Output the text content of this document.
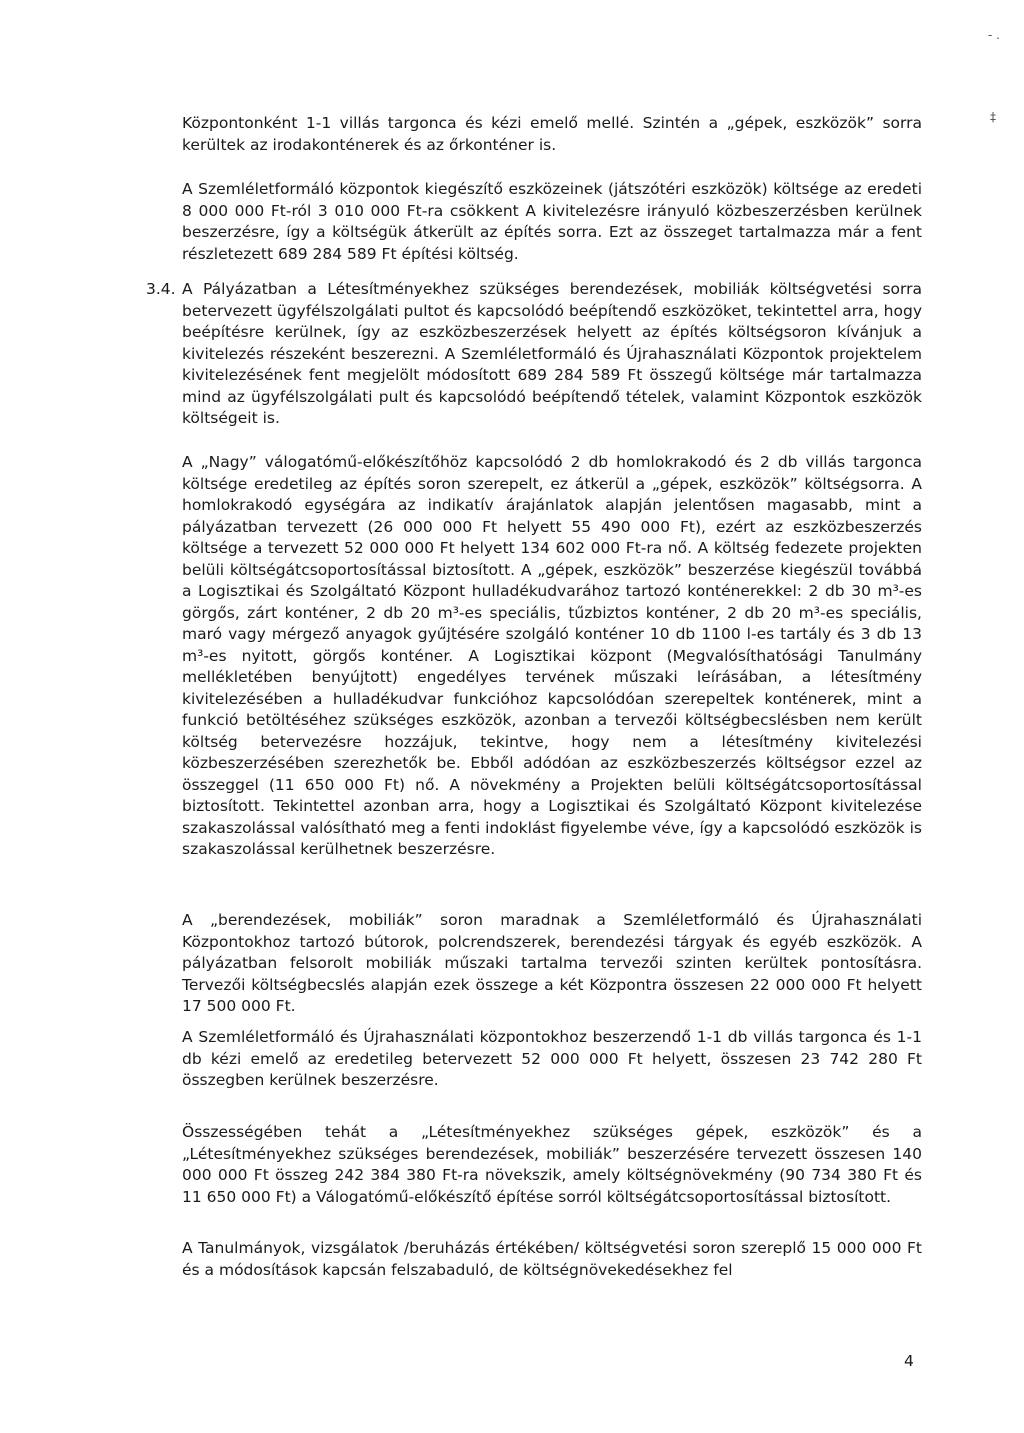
- .
‡

Központonként 1-1 villás targonca és kézi emelő mellé. Szintén a „gépek, eszközök” sorra kerültek az irodakonténerek és az őrkonténer is.

A Szemléletformáló központok kiegészítő eszközeinek (játszótéri eszközök) költsége az eredeti 8 000 000 Ft-ról 3 010 000 Ft-ra csökkent A kivitelezésre irányuló közbeszerzésben kerülnek beszerzésre, így a költségük átkerült az építés sorra. Ezt az összeget tartalmazza már a fent részletezett 689 284 589 Ft építési költség.

3.4. A Pályázatban a Létesítményekhez szükséges berendezések, mobiliák költségvetési sorra betervezett ügyfélszolgálati pultot és kapcsolódó beépítendő eszközöket, tekintettel arra, hogy beépítésre kerülnek, így az eszközbeszerzések helyett az építés költségsoron kívánjuk a kivitelezés részeként beszerezni. A Szemléletformáló és Újrahasználati Központok projektelem kivitelezésének fent megjelölt módosított 689 284 589 Ft összegű költsége már tartalmazza mind az ügyfélszolgálati pult és kapcsolódó beépítendő tételek, valamint Központok eszközök költségeit is.

A „Nagy” válogatómű-előkészítőhöz kapcsolódó 2 db homlokrakodó és 2 db villás targonca költsége eredetileg az építés soron szerepelt, ez átkerül a „gépek, eszközök” költségsorra. A homlokrakodó egységára az indikatív árajánlatok alapján jelentősen magasabb, mint a pályázatban tervezett (26 000 000 Ft helyett 55 490 000 Ft), ezért az eszközbeszerzés költsége a tervezett 52 000 000 Ft helyett 134 602 000 Ft-ra nő. A költség fedezete projekten belüli költségátcsoportosítással biztosított. A „gépek, eszközök” beszerzése kiegészül továbbá a Logisztikai és Szolgáltató Központ hulladékudvarához tartozó konténerekkel: 2 db 30 m³-es görgős, zárt konténer, 2 db 20 m³-es speciális, tűzbiztos konténer, 2 db 20 m³-es speciális, maró vagy mérgező anyagok gyűjtésére szolgáló konténer 10 db 1100 l-es tartály és 3 db 13 m³-es nyitott, görgős konténer. A Logisztikai központ (Megvalósíthatósági Tanulmány mellékletében benyújtott) engedélyes tervének műszaki leírásában, a létesítmény kivitelezésében a hulladékudvar funkcióhoz kapcsolódóan szerepeltek konténerek, mint a funkció betöltéséhez szükséges eszközök, azonban a tervezői költségbecslésben nem került költség betervezésre hozzájuk, tekintve, hogy nem a létesítmény kivitelezési közbeszerzésében szerezhetők be. Ebből adódóan az eszközbeszerzés költségsor ezzel az összeggel (11 650 000 Ft) nő. A növekmény a Projekten belüli költségátcsoportosítással biztosított. Tekintettel azonban arra, hogy a Logisztikai és Szolgáltató Központ kivitelezése szakaszolással valósítható meg a fenti indoklást figyelembe véve, így a kapcsolódó eszközök is szakaszolással kerülhetnek beszerzésre.

A „berendezések, mobiliák” soron maradnak a Szemléletformáló és Újrahasználati Központokhoz tartozó bútorok, polcrendszerek, berendezési tárgyak és egyéb eszközök. A pályázatban felsorolt mobiliák műszaki tartalma tervezői szinten kerültek pontosításra. Tervezői költségbecslés alapján ezek összege a két Központra összesen 22 000 000 Ft helyett 17 500 000 Ft.

A Szemléletformáló és Újrahasználati központokhoz beszerzendő 1-1 db villás targonca és 1-1 db kézi emelő az eredetileg betervezett 52 000 000 Ft helyett, összesen 23 742 280 Ft összegben kerülnek beszerzésre.

Összességében tehát a „Létesítményekhez szükséges gépek, eszközök” és a „Létesítményekhez szükséges berendezések, mobiliák” beszerzésére tervezett összesen 140 000 000 Ft összeg 242 384 380 Ft-ra növekszik, amely költségnövekmény (90 734 380 Ft és 11 650 000 Ft) a Válogatómű-előkészítő építése sorról költségátcsoportosítással biztosított.

A Tanulmányok, vizsgálatok /beruházás értékében/ költségvetési soron szereplő 15 000 000 Ft és a módosítások kapcsán felszabaduló, de költségnövekedésekhez fel

4
